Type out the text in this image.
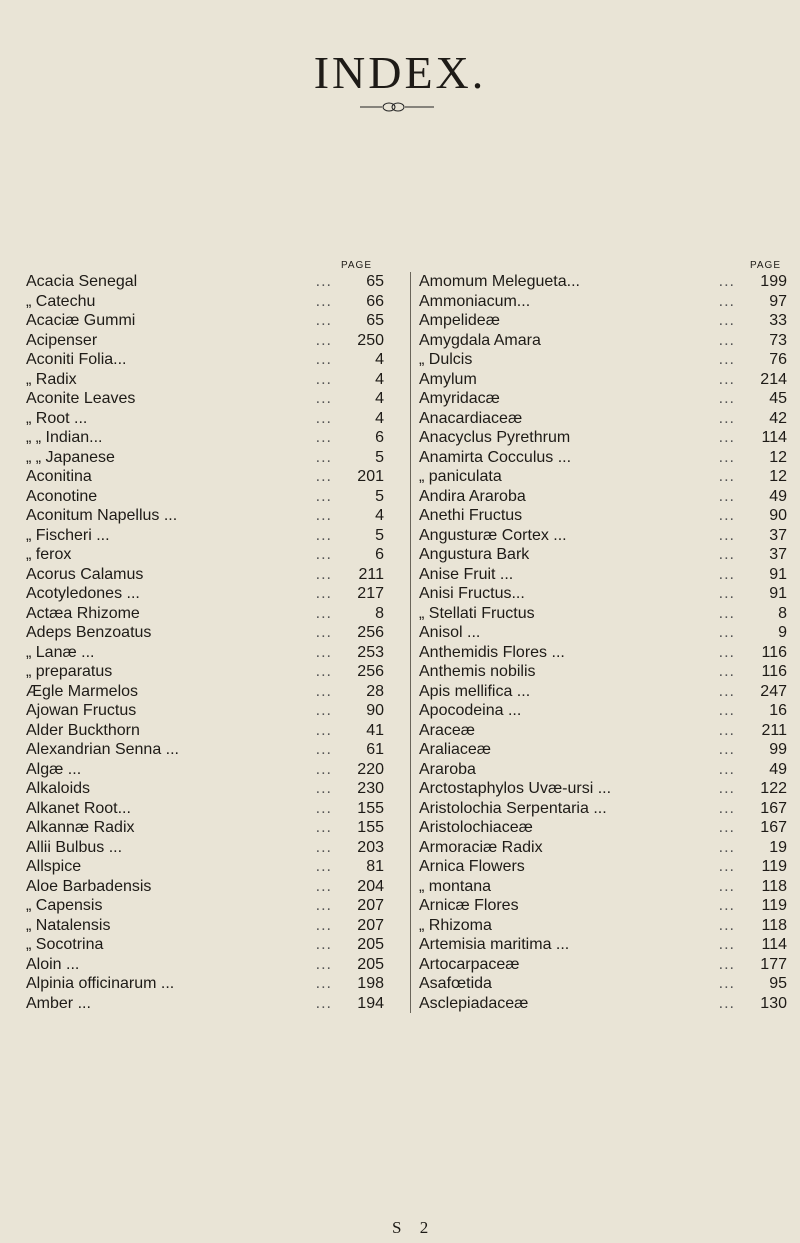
INDEX.
PAGE
Acacia Senegal	...	65
„ Catechu	...	66
Acaciæ Gummi	...	65
Acipenser	...	250
Aconiti Folia...	...	4
„ Radix	...	4
Aconite Leaves	...	4
„ Root ...	...	4
„ „ Indian...	...	6
„ „ Japanese	...	5
Aconitina	...	201
Aconotine	...	5
Aconitum Napellus ...	...	4
„ Fischeri ...	...	5
„ ferox	...	6
Acorus Calamus	...	211
Acotyledones ...	...	217
Actæa Rhizome	...	8
Adeps Benzoatus	...	256
„ Lanæ ...	...	253
„ preparatus	...	256
Ægle Marmelos	...	28
Ajowan Fructus	...	90
Alder Buckthorn	...	41
Alexandrian Senna ...	...	61
Algæ ...	...	220
Alkaloids	...	230
Alkanet Root...	...	155
Alkannæ Radix	...	155
Allii Bulbus ...	...	203
Allspice	...	81
Aloe Barbadensis	...	204
„ Capensis	...	207
„ Natalensis	...	207
„ Socotrina	...	205
Aloin ...	...	205
Alpinia officinarum ...	...	198
Amber ...	...	194
PAGE
Amomum Melegueta...	...	199
Ammoniacum...	...	97
Ampelideæ	...	33
Amygdala Amara	...	73
„ Dulcis	...	76
Amylum	...	214
Amyridacæ	...	45
Anacardiaceæ	...	42
Anacyclus Pyrethrum	...	114
Anamirta Cocculus ...	...	12
„ paniculata	...	12
Andira Araroba	...	49
Anethi Fructus	...	90
Angusturæ Cortex ...	...	37
Angustura Bark	...	37
Anise Fruit ...	...	91
Anisi Fructus...	...	91
„ Stellati Fructus	...	8
Anisol ...	...	9
Anthemidis Flores ...	...	116
Anthemis nobilis	...	116
Apis mellifica ...	...	247
Apocodeina ...	...	16
Araceæ	...	211
Araliaceæ	...	99
Araroba	...	49
Arctostaphylos Uvæ-ursi ...	...	122
Aristolochia Serpentaria ...	...	167
Aristolochiaceæ	...	167
Armoraciæ Radix	...	19
Arnica Flowers	...	119
„ montana	...	118
Arnicæ Flores	...	119
„ Rhizoma	...	118
Artemisia maritima ...	...	114
Artocarpaceæ	...	177
Asafœtida	...	95
Asclepiadaceæ	...	130
S 2
